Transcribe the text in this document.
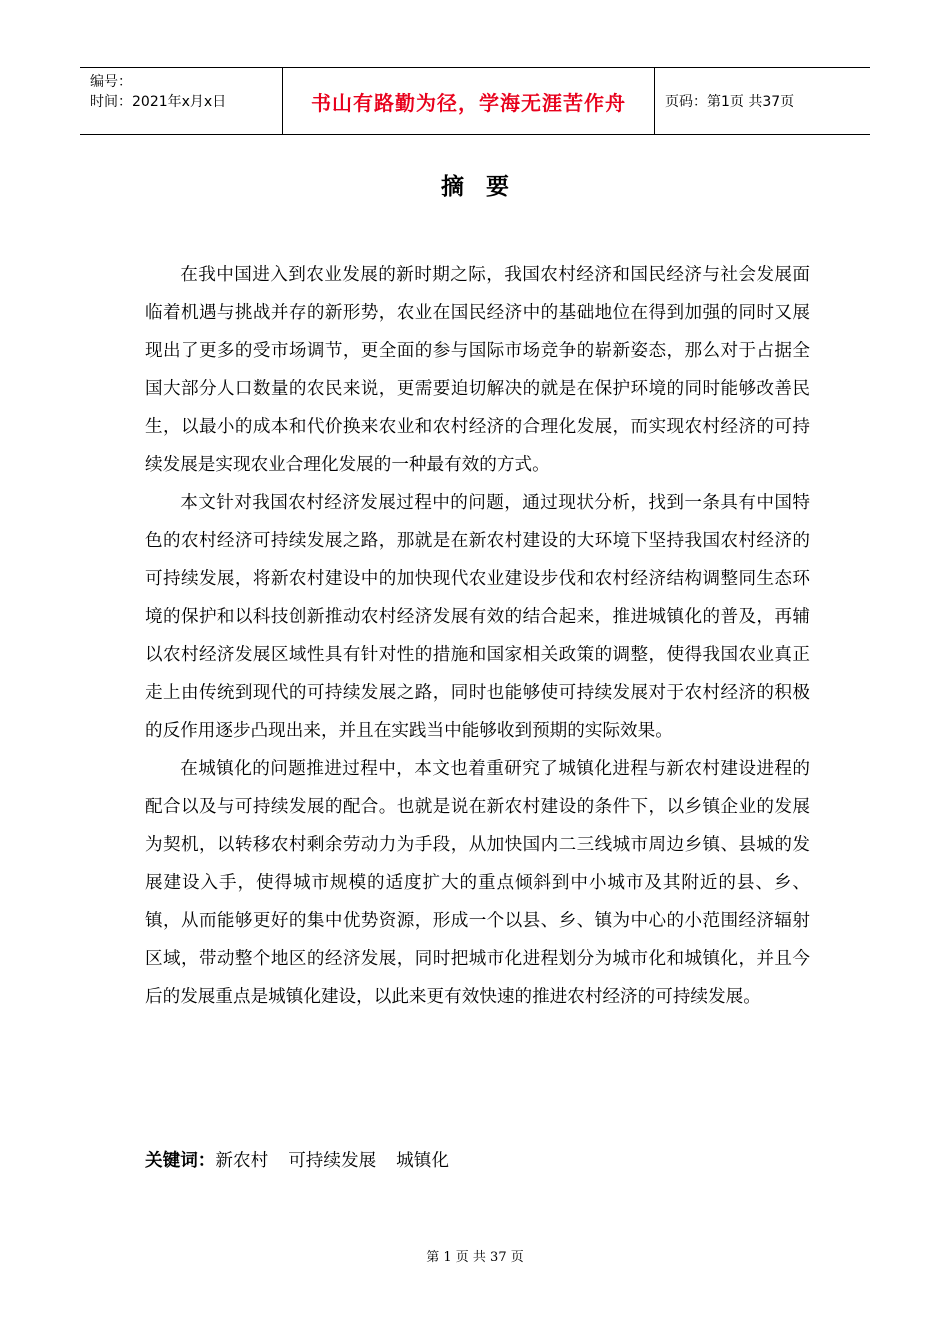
编号：
时间：2021年x月x日	书山有路勤为径，学海无涯苦作舟	页码：第1页 共37页
摘要

在我中国进入到农业发展的新时期之际，我国农村经济和国民经济与社会发展面临着机遇与挑战并存的新形势，农业在国民经济中的基础地位在得到加强的同时又展现出了更多的受市场调节，更全面的参与国际市场竞争的崭新姿态，那么对于占据全国大部分人口数量的农民来说，更需要迫切解决的就是在保护环境的同时能够改善民生，以最小的成本和代价换来农业和农村经济的合理化发展，而实现农村经济的可持续发展是实现农业合理化发展的一种最有效的方式。

本文针对我国农村经济发展过程中的问题，通过现状分析，找到一条具有中国特色的农村经济可持续发展之路，那就是在新农村建设的大环境下坚持我国农村经济的可持续发展，将新农村建设中的加快现代农业建设步伐和农村经济结构调整同生态环境的保护和以科技创新推动农村经济发展有效的结合起来，推进城镇化的普及，再辅以农村经济发展区域性具有针对性的措施和国家相关政策的调整，使得我国农业真正走上由传统到现代的可持续发展之路，同时也能够使可持续发展对于农村经济的积极的反作用逐步凸现出来，并且在实践当中能够收到预期的实际效果。

在城镇化的问题推进过程中，本文也着重研究了城镇化进程与新农村建设进程的配合以及与可持续发展的配合。也就是说在新农村建设的条件下，以乡镇企业的发展为契机，以转移农村剩余劳动力为手段，从加快国内二三线城市周边乡镇、县城的发展建设入手，使得城市规模的适度扩大的重点倾斜到中小城市及其附近的县、乡、镇，从而能够更好的集中优势资源，形成一个以县、乡、镇为中心的小范围经济辐射区域，带动整个地区的经济发展，同时把城市化进程划分为城市化和城镇化，并且今后的发展重点是城镇化建设，以此来更有效快速的推进农村经济的可持续发展。

关键词：新农村 可持续发展 城镇化
第 1 页 共 37 页
